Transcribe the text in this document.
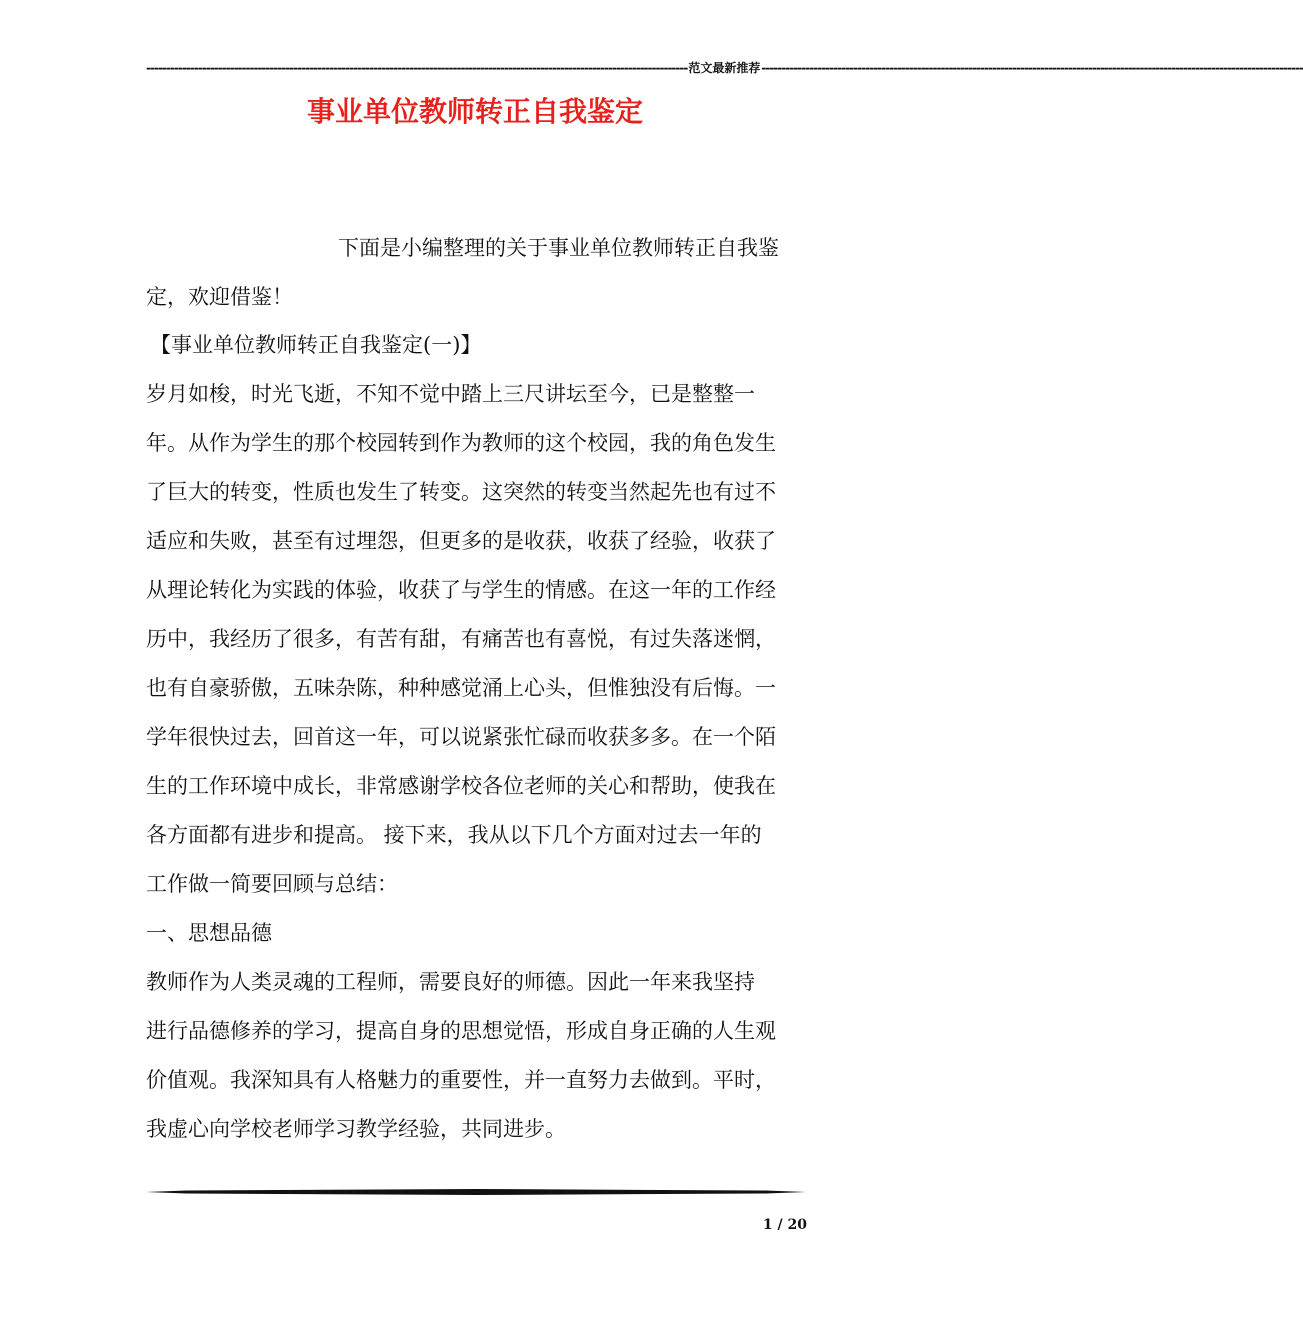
---------------------------------------------------------------------------------------------------------------------------------------- 范文最新推荐 ----------------------------------------------------------------------------------------------------------------------------------------
事业单位教师转正自我鉴定
下面是小编整理的关于事业单位教师转正自我鉴
定，欢迎借鉴！
【事业单位教师转正自我鉴定(一)】
岁月如梭，时光飞逝，不知不觉中踏上三尺讲坛至今，已是整整一
年。从作为学生的那个校园转到作为教师的这个校园，我的角色发生
了巨大的转变，性质也发生了转变。这突然的转变当然起先也有过不
适应和失败，甚至有过埋怨，但更多的是收获，收获了经验，收获了
从理论转化为实践的体验，收获了与学生的情感。在这一年的工作经
历中，我经历了很多，有苦有甜，有痛苦也有喜悦，有过失落迷惘，
也有自豪骄傲，五味杂陈，种种感觉涌上心头，但惟独没有后悔。一
学年很快过去，回首这一年，可以说紧张忙碌而收获多多。在一个陌
生的工作环境中成长，非常感谢学校各位老师的关心和帮助，使我在
各方面都有进步和提高。 接下来，我从以下几个方面对过去一年的
工作做一简要回顾与总结：
一、思想品德
教师作为人类灵魂的工程师，需要良好的师德。因此一年来我坚持
进行品德修养的学习，提高自身的思想觉悟，形成自身正确的人生观
价值观。我深知具有人格魅力的重要性，并一直努力去做到。平时，
我虚心向学校老师学习教学经验，共同进步。
1 / 20
